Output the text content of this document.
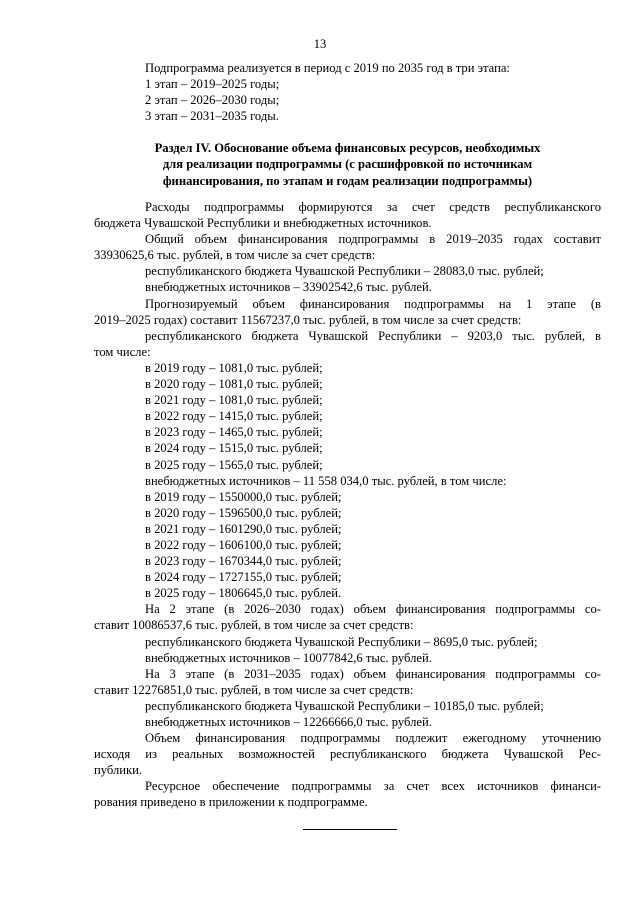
13
Подпрограмма реализуется в период с 2019 по 2035 год в три этапа:
1 этап – 2019–2025 годы;
2 этап – 2026–2030 годы;
3 этап – 2031–2035 годы.
Раздел IV. Обоснование объема финансовых ресурсов, необходимых
для реализации подпрограммы (с расшифровкой по источникам
финансирования, по этапам и годам реализации подпрограммы)
Расходы подпрограммы формируются за счет средств республиканского
бюджета Чувашской Республики и внебюджетных источников.
Общий объем финансирования подпрограммы в 2019–2035 годах составит
33930625,6 тыс. рублей, в том числе за счет средств:
республиканского бюджета Чувашской Республики – 28083,0 тыс. рублей;
внебюджетных источников – 33902542,6 тыс. рублей.
Прогнозируемый объем финансирования подпрограммы на 1 этапе (в
2019–2025 годах) составит 11567237,0 тыс. рублей, в том числе за счет средств:
республиканского бюджета Чувашской Республики – 9203,0 тыс. рублей, в
том числе:
в 2019 году – 1081,0 тыс. рублей;
в 2020 году – 1081,0 тыс. рублей;
в 2021 году – 1081,0 тыс. рублей;
в 2022 году – 1415,0 тыс. рублей;
в 2023 году – 1465,0 тыс. рублей;
в 2024 году – 1515,0 тыс. рублей;
в 2025 году – 1565,0 тыс. рублей;
внебюджетных источников – 11 558 034,0 тыс. рублей, в том числе:
в 2019 году – 1550000,0 тыс. рублей;
в 2020 году – 1596500,0 тыс. рублей;
в 2021 году – 1601290,0 тыс. рублей;
в 2022 году – 1606100,0 тыс. рублей;
в 2023 году – 1670344,0 тыс. рублей;
в 2024 году – 1727155,0 тыс. рублей;
в 2025 году – 1806645,0 тыс. рублей.
На 2 этапе (в 2026–2030 годах) объем финансирования подпрограммы со-
ставит 10086537,6 тыс. рублей, в том числе за счет средств:
республиканского бюджета Чувашской Республики – 8695,0 тыс. рублей;
внебюджетных источников – 10077842,6 тыс. рублей.
На 3 этапе (в 2031–2035 годах) объем финансирования подпрограммы со-
ставит 12276851,0 тыс. рублей, в том числе за счет средств:
республиканского бюджета Чувашской Республики – 10185,0 тыс. рублей;
внебюджетных источников – 12266666,0 тыс. рублей.
Объем финансирования подпрограммы подлежит ежегодному уточнению
исходя из реальных возможностей республиканского бюджета Чувашской Рес-
публики.
Ресурсное обеспечение подпрограммы за счет всех источников финанси-
рования приведено в приложении к подпрограмме.
